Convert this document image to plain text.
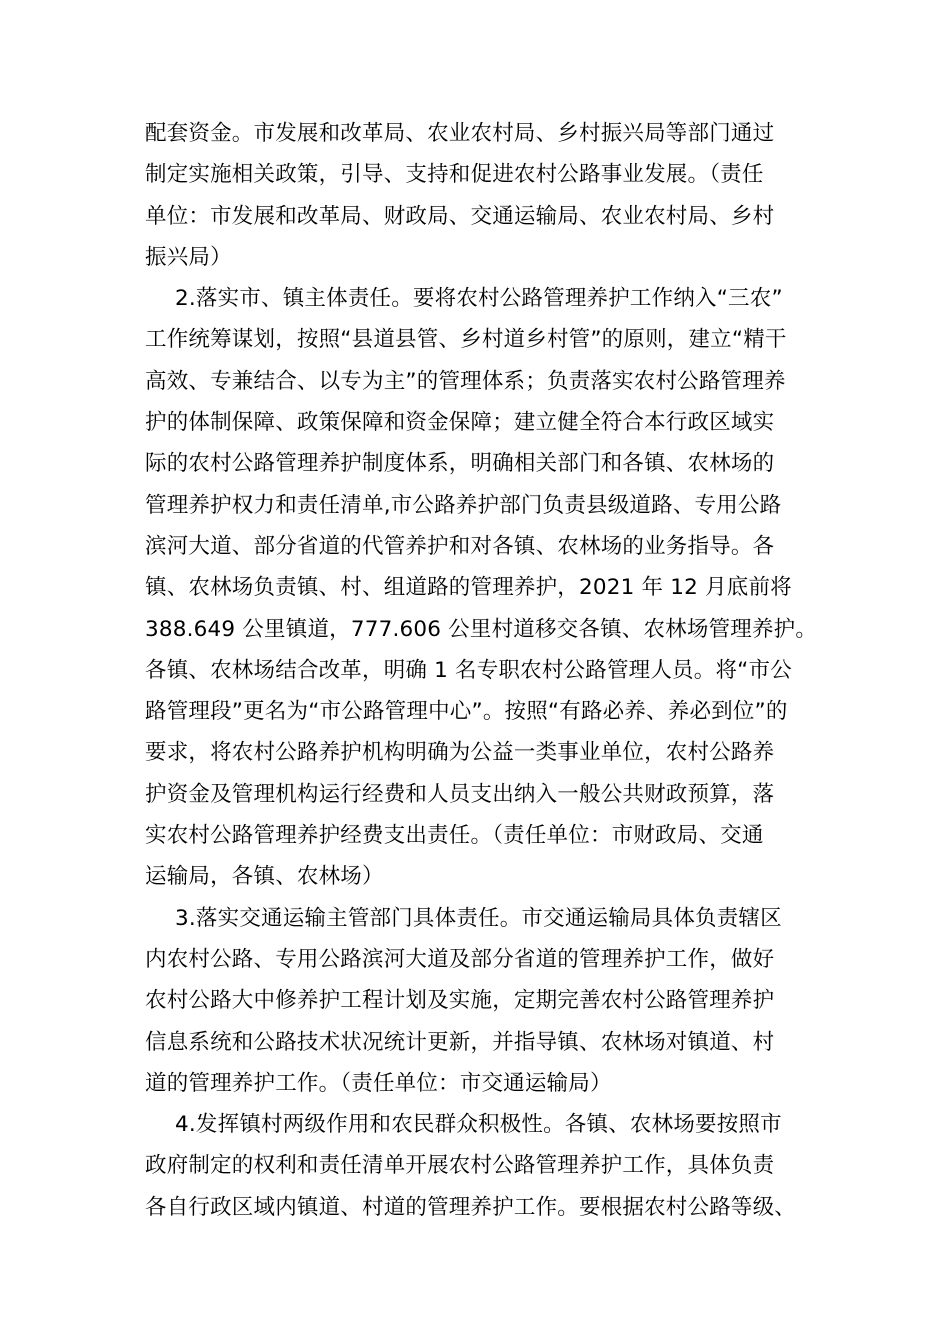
配套资金。市发展和改革局、农业农村局、乡村振兴局等部门通过
制定实施相关政策，引导、支持和促进农村公路事业发展。（责任
单位：市发展和改革局、财政局、交通运输局、农业农村局、乡村
振兴局）
2.落实市、镇主体责任。要将农村公路管理养护工作纳入“三农”
工作统筹谋划，按照“县道县管、乡村道乡村管”的原则，建立“精干
高效、专兼结合、以专为主”的管理体系；负责落实农村公路管理养
护的体制保障、政策保障和资金保障；建立健全符合本行政区域实
际的农村公路管理养护制度体系，明确相关部门和各镇、农林场的
管理养护权力和责任清单,市公路养护部门负责县级道路、专用公路
滨河大道、部分省道的代管养护和对各镇、农林场的业务指导。各
镇、农林场负责镇、村、组道路的管理养护，2021 年 12 月底前将
388.649 公里镇道，777.606 公里村道移交各镇、农林场管理养护。
各镇、农林场结合改革，明确 1 名专职农村公路管理人员。将“市公
路管理段”更名为“市公路管理中心”。按照“有路必养、养必到位”的
要求，将农村公路养护机构明确为公益一类事业单位，农村公路养
护资金及管理机构运行经费和人员支出纳入一般公共财政预算，落
实农村公路管理养护经费支出责任。（责任单位：市财政局、交通
运输局，各镇、农林场）
3.落实交通运输主管部门具体责任。市交通运输局具体负责辖区
内农村公路、专用公路滨河大道及部分省道的管理养护工作，做好
农村公路大中修养护工程计划及实施，定期完善农村公路管理养护
信息系统和公路技术状况统计更新，并指导镇、农林场对镇道、村
道的管理养护工作。（责任单位：市交通运输局）
4.发挥镇村两级作用和农民群众积极性。各镇、农林场要按照市
政府制定的权利和责任清单开展农村公路管理养护工作，具体负责
各自行政区域内镇道、村道的管理养护工作。要根据农村公路等级、
